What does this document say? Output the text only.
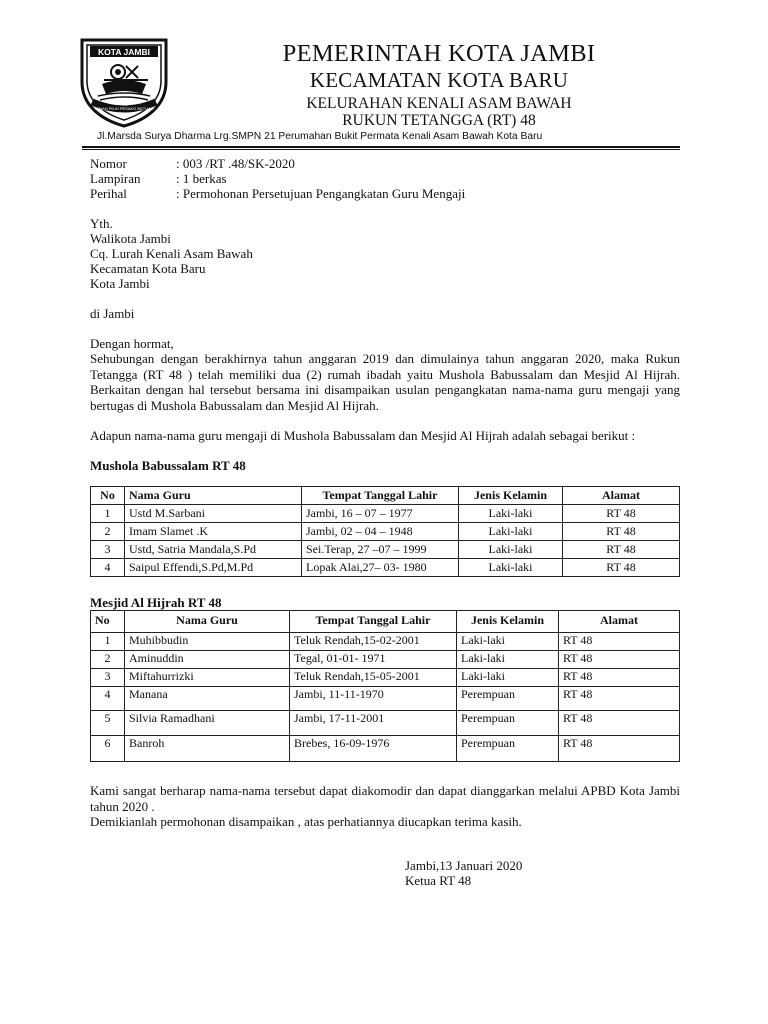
KOTA JAMBI
TANAH PILIH PESAKO BETUAH
PEMERINTAH KOTA JAMBI
KECAMATAN KOTA BARU
KELURAHAN KENALI ASAM BAWAH
RUKUN TETANGGA (RT) 48
Jl.Marsda Surya Dharma Lrg.SMPN 21 Perumahan Bukit Permata Kenali Asam Bawah Kota Baru
Nomor	: 003 /RT .48/SK-2020
Lampiran	: 1 berkas
Perihal	: Permohonan Persetujuan Pengangkatan Guru Mengaji
Yth.
Walikota Jambi
Cq. Lurah Kenali Asam Bawah
Kecamatan Kota Baru
Kota Jambi
di Jambi
Dengan hormat,
Sehubungan dengan berakhirnya tahun anggaran 2019 dan dimulainya tahun anggaran 2020, maka Rukun Tetangga (RT 48 ) telah memiliki dua (2) rumah ibadah yaitu Mushola Babussalam dan Mesjid Al Hijrah. Berkaitan dengan hal tersebut bersama ini disampaikan usulan pengangkatan nama-nama guru mengaji yang bertugas di Mushola Babussalam dan Mesjid Al Hijrah.
Adapun nama-nama guru mengaji di Mushola Babussalam dan Mesjid Al Hijrah adalah sebagai berikut :
Mushola Babussalam RT 48
No	Nama Guru	Tempat Tanggal Lahir	Jenis Kelamin	Alamat
1	Ustd M.Sarbani	Jambi, 16 – 07 – 1977	Laki-laki	RT 48
2	Imam Slamet .K	Jambi, 02 – 04 – 1948	Laki-laki	RT 48
3	Ustd, Satria Mandala,S.Pd	Sei.Terap, 27 –07 – 1999	Laki-laki	RT 48
4	Saipul Effendi,S.Pd,M.Pd	Lopak Alai,27– 03- 1980	Laki-laki	RT 48
Mesjid Al Hijrah RT 48
No	Nama Guru	Tempat Tanggal Lahir	Jenis Kelamin	Alamat
1	Muhibbudin	Teluk Rendah,15-02-2001	Laki-laki	RT 48
2	Aminuddin	Tegal, 01-01- 1971	Laki-laki	RT 48
3	Miftahurrizki	Teluk Rendah,15-05-2001	Laki-laki	RT 48
4	Manana	Jambi, 11-11-1970	Perempuan	RT 48
5	Silvia Ramadhani	Jambi, 17-11-2001	Perempuan	RT 48
6	Banroh	Brebes, 16-09-1976	Perempuan	RT 48
Kami sangat berharap nama-nama tersebut dapat diakomodir dan dapat dianggarkan melalui APBD Kota Jambi tahun 2020 .
Demikianlah permohonan disampaikan , atas perhatiannya diucapkan terima kasih.
Jambi,13 Januari 2020
Ketua RT 48
